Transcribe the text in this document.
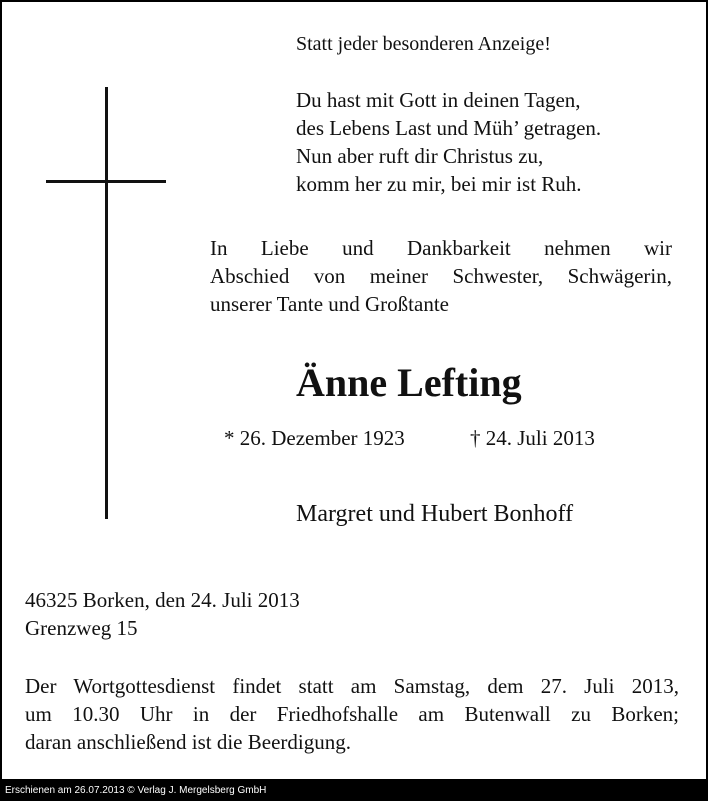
Statt jeder besonderen Anzeige!
Du hast mit Gott in deinen Tagen,
des Lebens Last und Müh’ getragen.
Nun aber ruft dir Christus zu,
komm her zu mir, bei mir ist Ruh.
In Liebe und Dankbarkeit nehmen wir
Abschied von meiner Schwester, Schwägerin,
unserer Tante und Großtante
Änne Lefting
* 26. Dezember 1923	† 24. Juli 2013
Margret und Hubert Bonhoff
46325 Borken, den 24. Juli 2013
Grenzweg 15
Der Wortgottesdienst findet statt am Samstag, dem 27. Juli 2013,
um 10.30 Uhr in der Friedhofshalle am Butenwall zu Borken;
daran anschließend ist die Beerdigung.
Erschienen am 26.07.2013 © Verlag J. Mergelsberg GmbH
